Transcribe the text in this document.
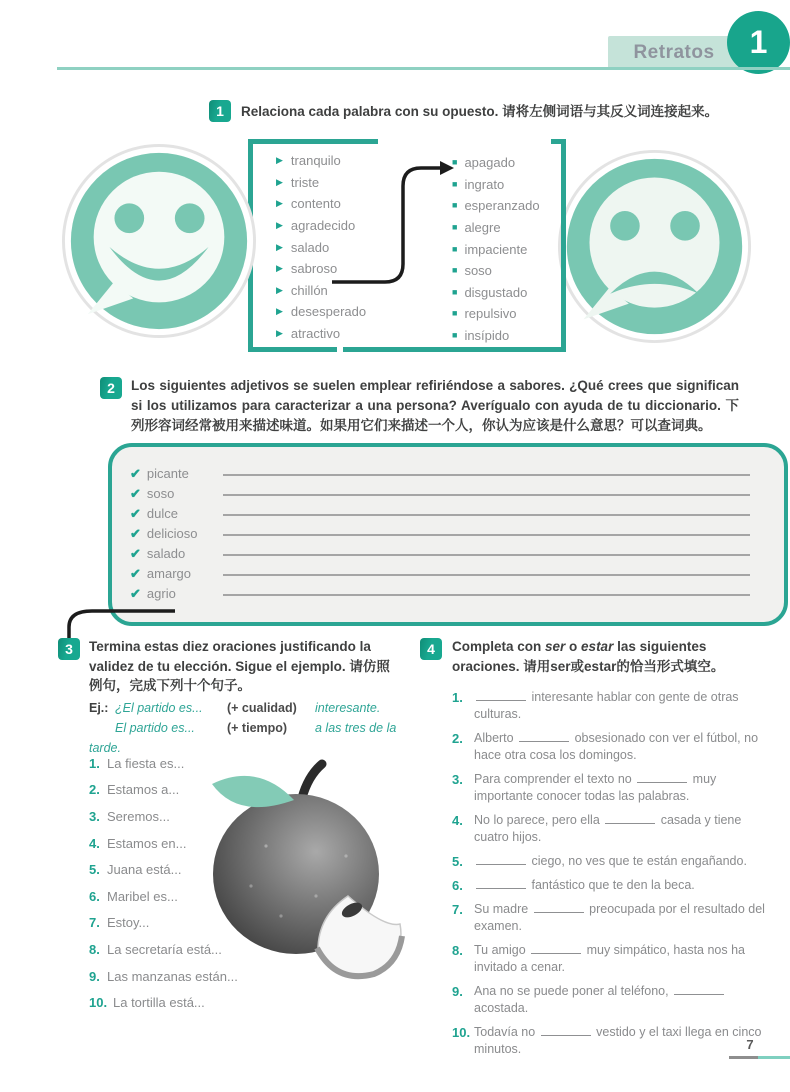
Retratos	1
1	Relaciona cada palabra con su opuesto. 请将左侧词语与其反义词连接起来。
▶ tranquilo
▶ triste
▶ contento
▶ agradecido
▶ salado
▶ sabroso
▶ chillón
▶ desesperado
▶ atractivo
■ apagado
■ ingrato
■ esperanzado
■ alegre
■ impaciente
■ soso
■ disgustado
■ repulsivo
■ insípido
2	Los siguientes adjetivos se suelen emplear refiriéndose a sabores. ¿Qué crees que significan si los utilizamos para caracterizar a una persona? Averígualo con ayuda de tu diccionario. 下列形容词经常被用来描述味道。如果用它们来描述一个人，你认为应该是什么意思？可以查词典。
✔ picante
✔ soso
✔ dulce
✔ delicioso
✔ salado
✔ amargo
✔ agrio
3	Termina estas diez oraciones justificando la validez de tu elección. Sigue el ejemplo. 请仿照例句，完成下列十个句子。
Ej.: ¿El partido es... (+ cualidad) interesante.
El partido es...	(+ tiempo) a las tres de la tarde.
1. La fiesta es...
2. Estamos a...
3. Seremos...
4. Estamos en...
5. Juana está...
6. Maribel es...
7. Estoy...
8. La secretaría está...
9. Las manzanas están...
10. La tortilla está...
4	Completa con ser o estar las siguientes oraciones. 请用ser或estar的恰当形式填空。
1.	interesante hablar con gente de otras culturas.
2. Alberto	obsesionado con ver el fútbol, no hace otra cosa los domingos.
3. Para comprender el texto no	muy importante conocer todas las palabras.
4. No lo parece, pero ella	casada y tiene cuatro hijos.
5.	ciego, no ves que te están engañando.
6.	fantástico que te den la beca.
7. Su madre	preocupada por el resultado del examen.
8. Tu amigo	muy simpático, hasta nos ha invitado a cenar.
9. Ana no se puede poner al teléfono,  acostada.
10. Todavía no	vestido y el taxi llega en cinco minutos.	7
